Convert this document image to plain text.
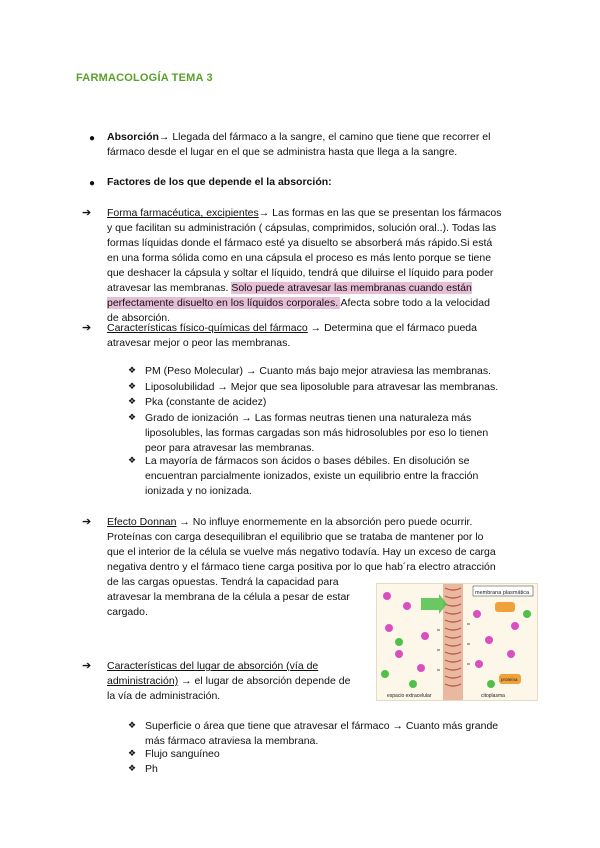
FARMACOLOGÍA TEMA 3
● Absorción→ Llegada del fármaco a la sangre, el camino que tiene que recorrer el
fármaco desde el lugar en el que se administra hasta que llega a la sangre.
● Factores de los que depende el la absorción:
➔ Forma farmacéutica, excipientes→ Las formas en las que se presentan los fármacos
y que facilitan su administración ( cápsulas, comprimidos, solución oral..). Todas las
formas líquidas donde el fármaco esté ya disuelto se absorberá más rápido.Si está
en una forma sólida como en una cápsula el proceso es más lento porque se tiene
que deshacer la cápsula y soltar el líquido, tendrá que diluirse el líquido para poder
atravesar las membranas. Solo puede atravesar las membranas cuando están
perfectamente disuelto en los líquidos corporales. Afecta sobre todo a la velocidad
de absorción.
➔ Características físico-químicas del fármaco → Determina que el fármaco pueda
atravesar mejor o peor las membranas.
❖ PM (Peso Molecular) → Cuanto más bajo mejor atraviesa las membranas.
❖ Liposolubilidad → Mejor que sea liposoluble para atravesar las membranas.
❖ Pka (constante de acidez)
❖ Grado de ionización → Las formas neutras tienen una naturaleza más
liposolubles, las formas cargadas son más hidrosolubles por eso lo tienen
peor para atravesar las membranas.
❖ La mayoría de fármacos son ácidos o bases débiles. En disolución se
encuentran parcialmente ionizados, existe un equilibrio entre la fracción
ionizada y no ionizada.
➔ Efecto Donnan → No influye enormemente en la absorción pero puede ocurrir.
Proteínas con carga desequilibran el equilibrio que se trataba de mantener por lo
que el interior de la célula se vuelve más negativo todavía. Hay un exceso de carga
negativa dentro y el fármaco tiene carga positiva por lo que hab´ra electro atracción
de las cargas opuestas. Tendrá la capacidad para
atravesar la membrana de la célula a pesar de estar
cargado.
membrana plasmática
proteína
espacio extracelular	citoplasma
➔ Características del lugar de absorción (vía de
administración) → el lugar de absorción depende de
la vía de administración.
❖ Superficie o área que tiene que atravesar el fármaco → Cuanto más grande
más fármaco atraviesa la membrana.
❖ Flujo sanguíneo
❖ Ph
